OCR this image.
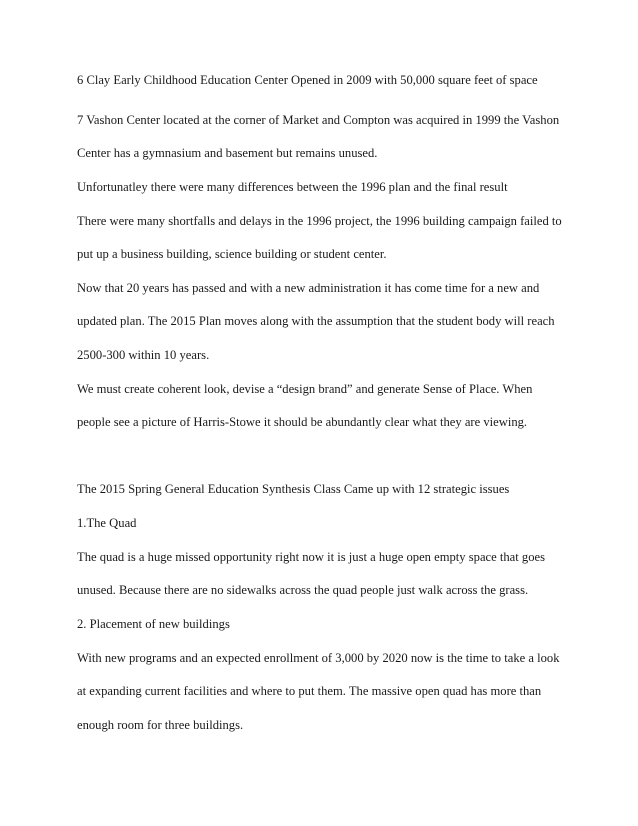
6 Clay Early Childhood Education Center Opened in 2009 with 50,000 square feet of space

7 Vashon Center located at the corner of Market and Compton was acquired in 1999 the Vashon

Center has a gymnasium and basement but remains unused.

Unfortunatley there were many differences between the 1996 plan and the final result

There were many shortfalls and delays in the 1996 project, the 1996 building campaign failed to

put up a business building, science building or student center.

Now that 20 years has passed and with a new administration it has come time for a new and

updated plan. The 2015 Plan moves along with the assumption that the student body will reach

2500-300 within 10 years.

We must create coherent look, devise a “design brand” and generate Sense of Place. When

people see a picture of Harris-Stowe it should be abundantly clear what they are viewing.

The 2015 Spring General Education Synthesis Class Came up with 12 strategic issues

1.The Quad

The quad is a huge missed opportunity right now it is just a huge open empty space that goes

unused. Because there are no sidewalks across the quad people just walk across the grass.

2. Placement of new buildings

With new programs and an expected enrollment of 3,000 by 2020 now is the time to take a look

at expanding current facilities and where to put them. The massive open quad has more than

enough room for three buildings.
